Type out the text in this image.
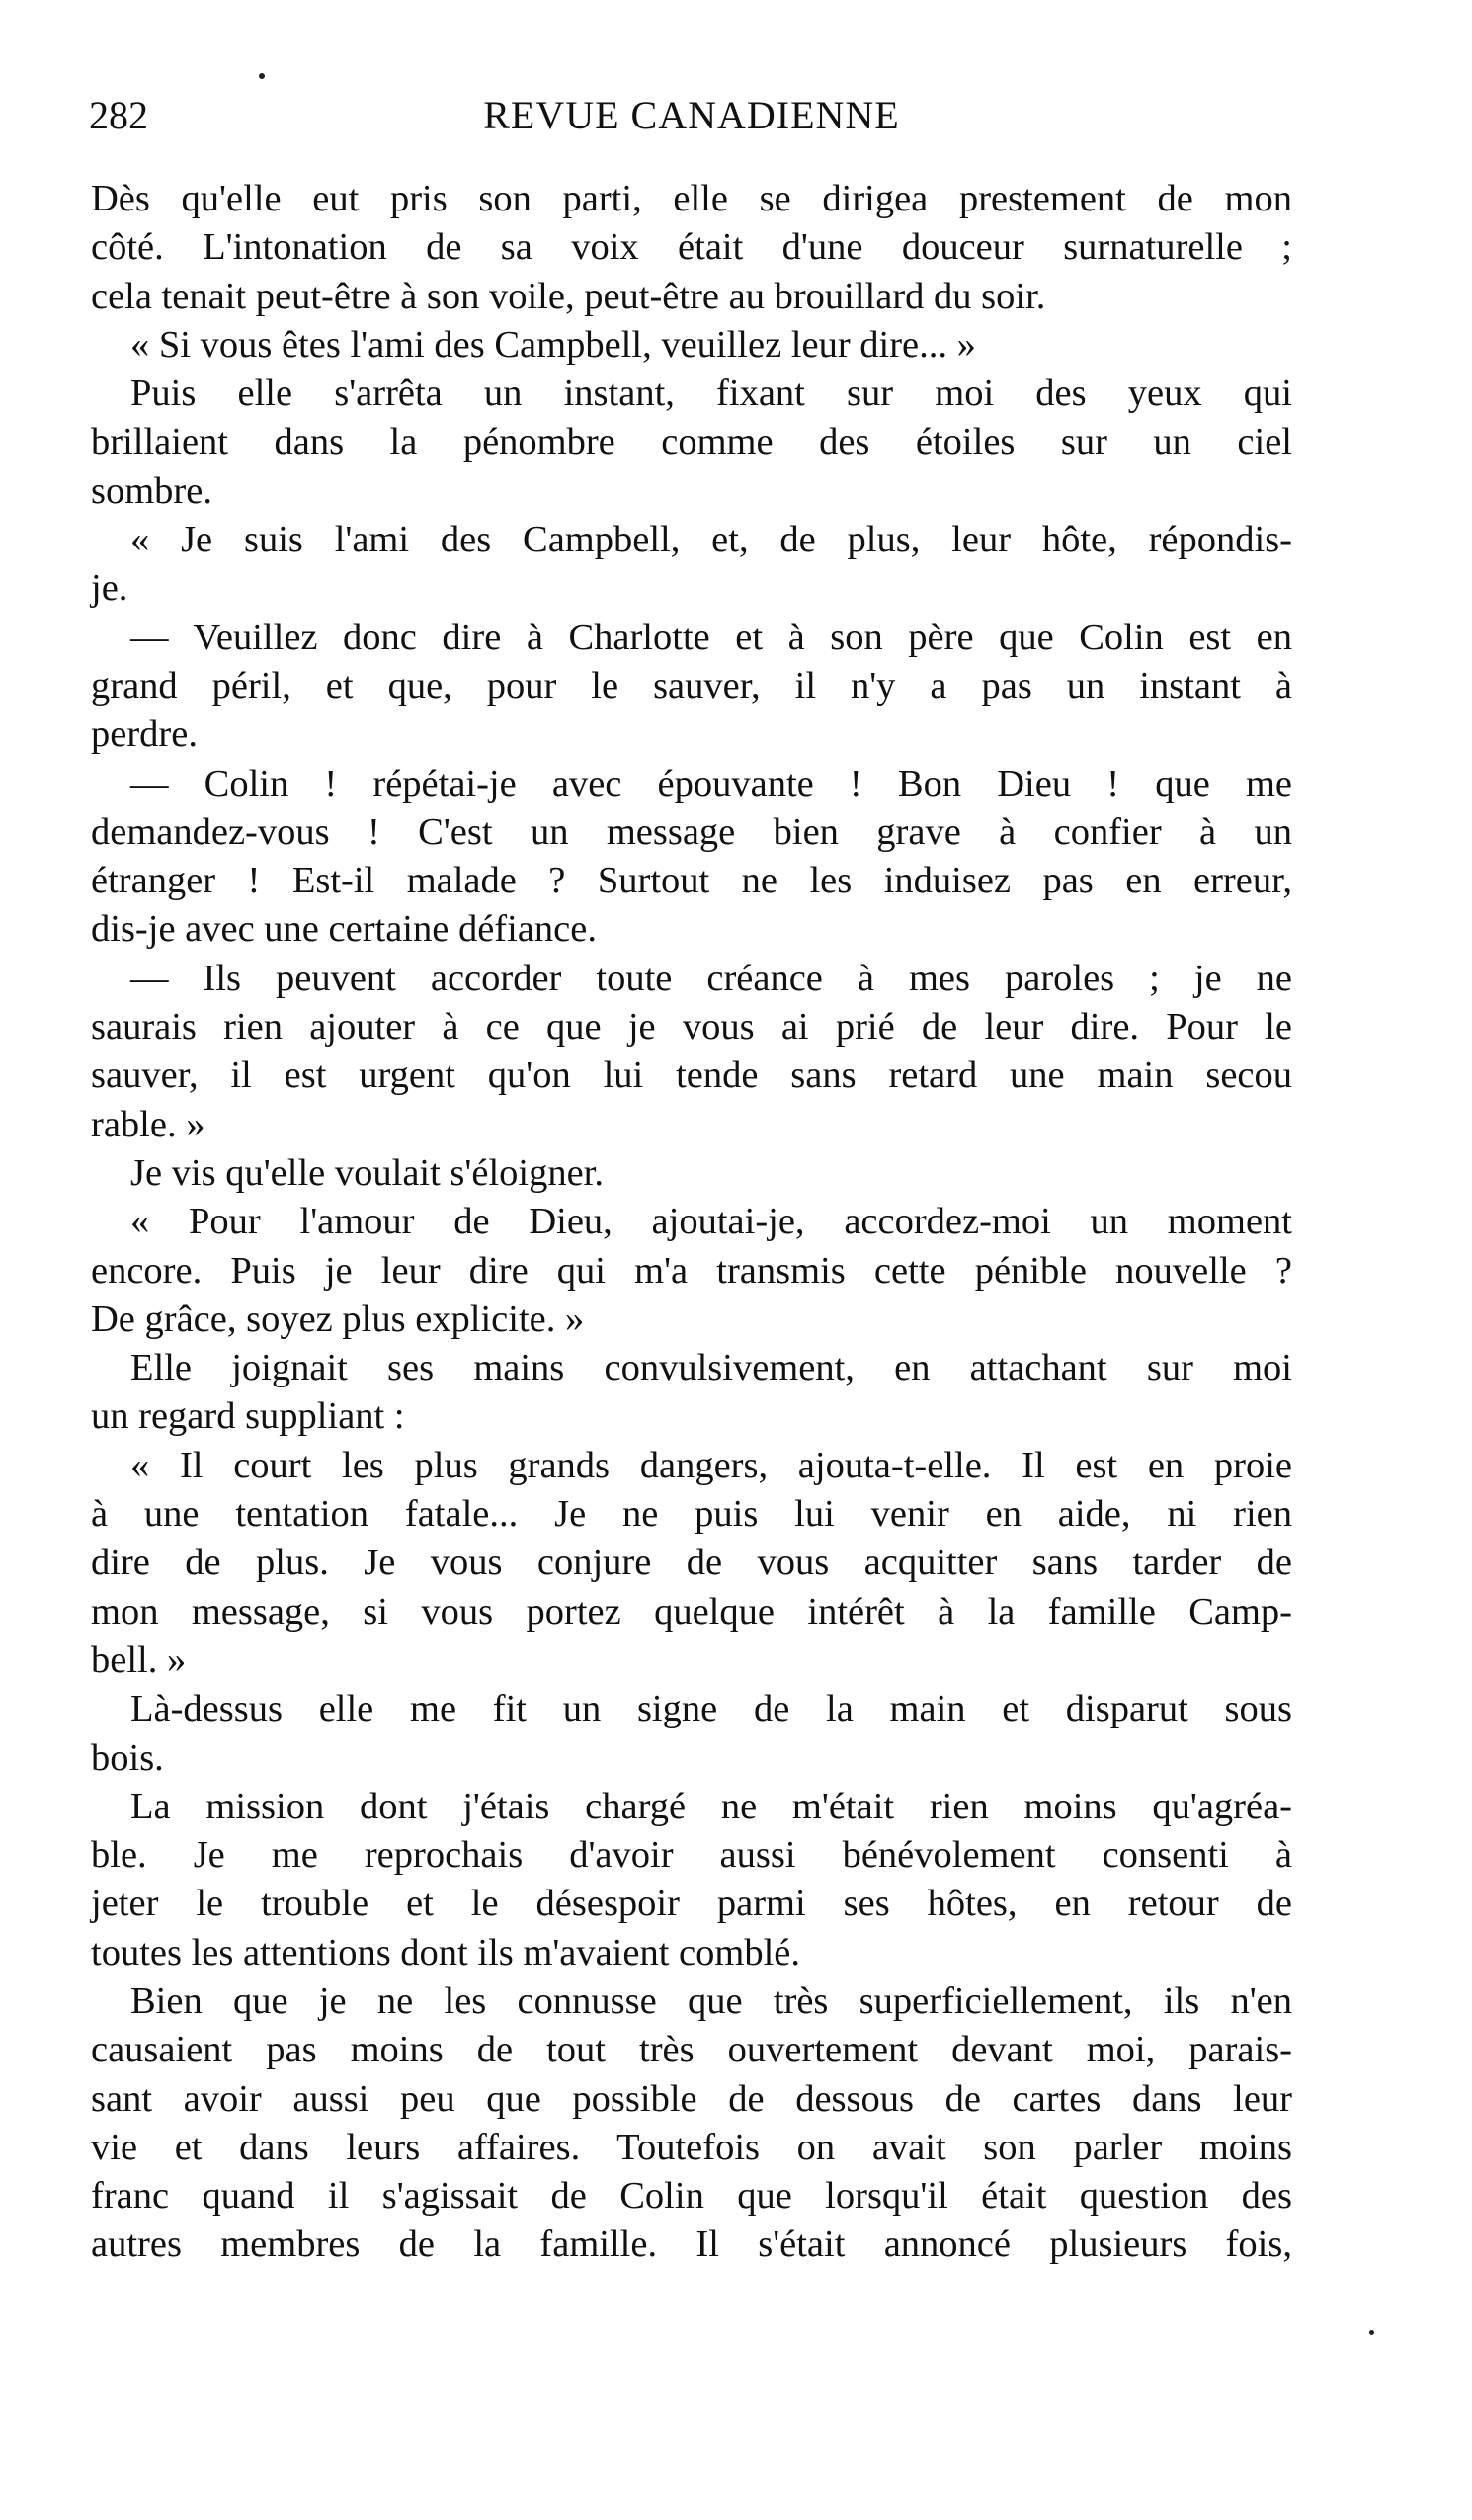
282	REVUE CANADIENNE
Dès qu'elle eut pris son parti, elle se dirigea prestement de mon
côté. L'intonation de sa voix était d'une douceur surnaturelle ;
cela tenait peut-être à son voile, peut-être au brouillard du soir.
« Si vous êtes l'ami des Campbell, veuillez leur dire... »
Puis elle s'arrêta un instant, fixant sur moi des yeux qui
brillaient dans la pénombre comme des étoiles sur un ciel
sombre.
« Je suis l'ami des Campbell, et, de plus, leur hôte, répondis-
je.
— Veuillez donc dire à Charlotte et à son père que Colin est en
grand péril, et que, pour le sauver, il n'y a pas un instant à
perdre.
— Colin ! répétai-je avec épouvante ! Bon Dieu ! que me
demandez-vous ! C'est un message bien grave à confier à un
étranger ! Est-il malade ? Surtout ne les induisez pas en erreur,
dis-je avec une certaine défiance.
— Ils peuvent accorder toute créance à mes paroles ; je ne
saurais rien ajouter à ce que je vous ai prié de leur dire. Pour le
sauver, il est urgent qu'on lui tende sans retard une main secou
rable. »
Je vis qu'elle voulait s'éloigner.
« Pour l'amour de Dieu, ajoutai-je, accordez-moi un moment
encore. Puis je leur dire qui m'a transmis cette pénible nouvelle ?
De grâce, soyez plus explicite. »
Elle joignait ses mains convulsivement, en attachant sur moi
un regard suppliant :
« Il court les plus grands dangers, ajouta-t-elle. Il est en proie
à une tentation fatale... Je ne puis lui venir en aide, ni rien
dire de plus. Je vous conjure de vous acquitter sans tarder de
mon message, si vous portez quelque intérêt à la famille Camp-
bell. »
Là-dessus elle me fit un signe de la main et disparut sous
bois.
La mission dont j'étais chargé ne m'était rien moins qu'agréa-
ble. Je me reprochais d'avoir aussi bénévolement consenti à
jeter le trouble et le désespoir parmi ses hôtes, en retour de
toutes les attentions dont ils m'avaient comblé.
Bien que je ne les connusse que très superficiellement, ils n'en
causaient pas moins de tout très ouvertement devant moi, parais-
sant avoir aussi peu que possible de dessous de cartes dans leur
vie et dans leurs affaires. Toutefois on avait son parler moins
franc quand il s'agissait de Colin que lorsqu'il était question des
autres membres de la famille. Il s'était annoncé plusieurs fois,
